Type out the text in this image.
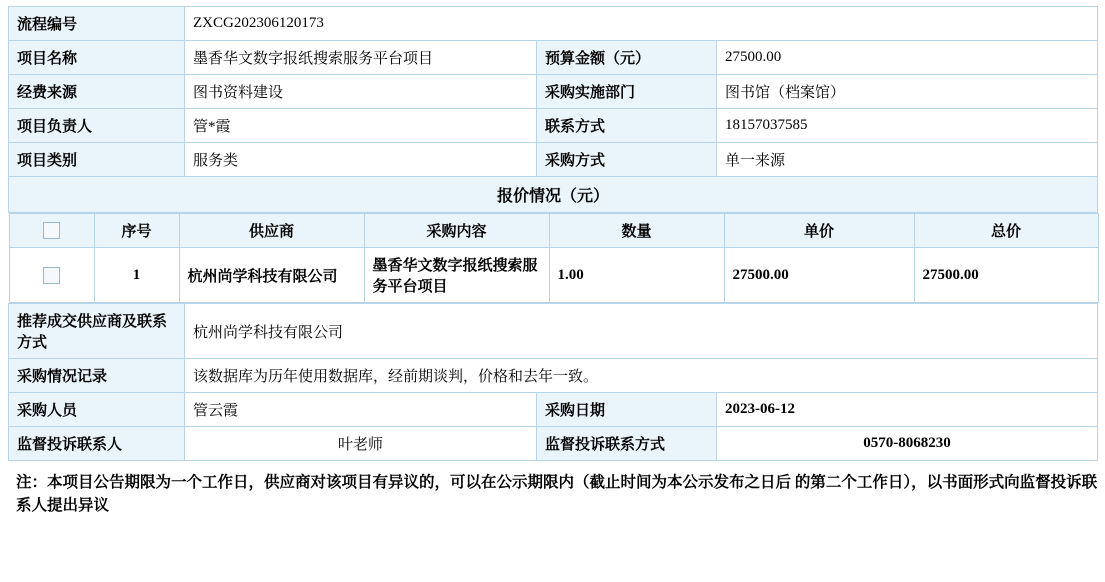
流程编号	ZXCG202306120173
项目名称	墨香华文数字报纸搜索服务平台项目	预算金额（元）	27500.00
经费来源	图书资料建设	采购实施部门	图书馆（档案馆）
项目负责人	管*霞	联系方式	18157037585
项目类别	服务类	采购方式	单一来源
报价情况（元）

	序号	供应商	采购内容	数量	单价	总价
	1	杭州尚学科技有限公司	墨香华文数字报纸搜索服务平台项目	1.00	27500.00	27500.00

推荐成交供应商及联系方式	杭州尚学科技有限公司
采购情况记录	该数据库为历年使用数据库，经前期谈判，价格和去年一致。
采购人员	管云霞	采购日期	2023-06-12
监督投诉联系人	叶老师	监督投诉联系方式	0570-8068230
注：本项目公告期限为一个工作日，供应商对该项目有异议的，可以在公示期限内（截止时间为本公示发布之日后 的第二个工作日），以书面形式向监督投诉联系人提出异议
